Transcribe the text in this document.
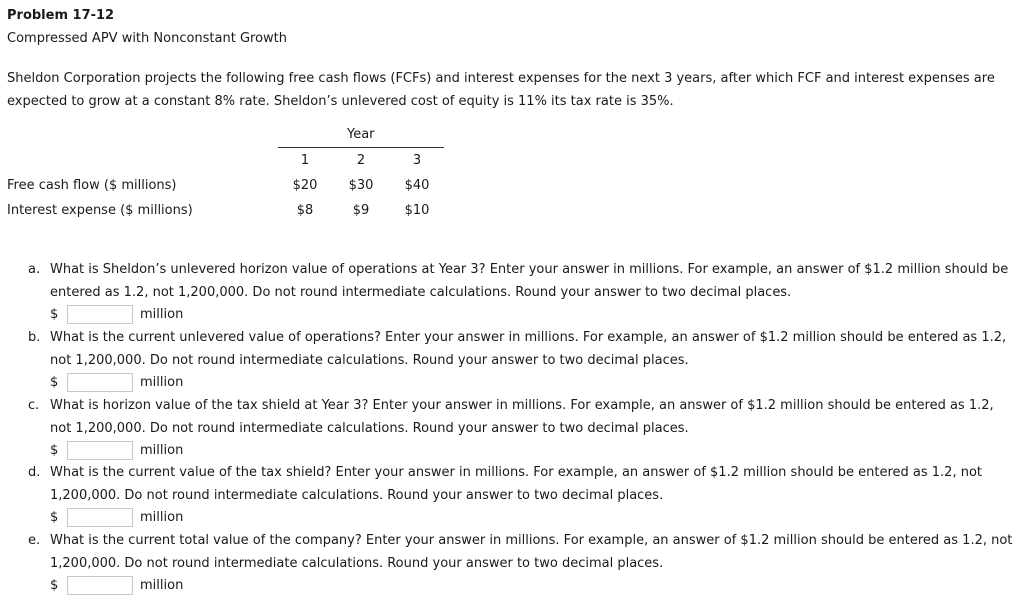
Problem 17-12
Compressed APV with Nonconstant Growth
Sheldon Corporation projects the following free cash flows (FCFs) and interest expenses for the next 3 years, after which FCF and interest expenses are expected to grow at a constant 8% rate. Sheldon’s unlevered cost of equity is 11% its tax rate is 35%.
Year
1	2	3
Free cash flow ($ millions)	$20	$30	$40
Interest expense ($ millions)	$8	$9	$10
a. What is Sheldon’s unlevered horizon value of operations at Year 3? Enter your answer in millions. For example, an answer of $1.2 million should be entered as 1.2, not 1,200,000. Do not round intermediate calculations. Round your answer to two decimal places.
$	million
b. What is the current unlevered value of operations? Enter your answer in millions. For example, an answer of $1.2 million should be entered as 1.2, not 1,200,000. Do not round intermediate calculations. Round your answer to two decimal places.
$	million
c. What is horizon value of the tax shield at Year 3? Enter your answer in millions. For example, an answer of $1.2 million should be entered as 1.2, not 1,200,000. Do not round intermediate calculations. Round your answer to two decimal places.
$	million
d. What is the current value of the tax shield? Enter your answer in millions. For example, an answer of $1.2 million should be entered as 1.2, not 1,200,000. Do not round intermediate calculations. Round your answer to two decimal places.
$	million
e. What is the current total value of the company? Enter your answer in millions. For example, an answer of $1.2 million should be entered as 1.2, not 1,200,000. Do not round intermediate calculations. Round your answer to two decimal places.
$	million
